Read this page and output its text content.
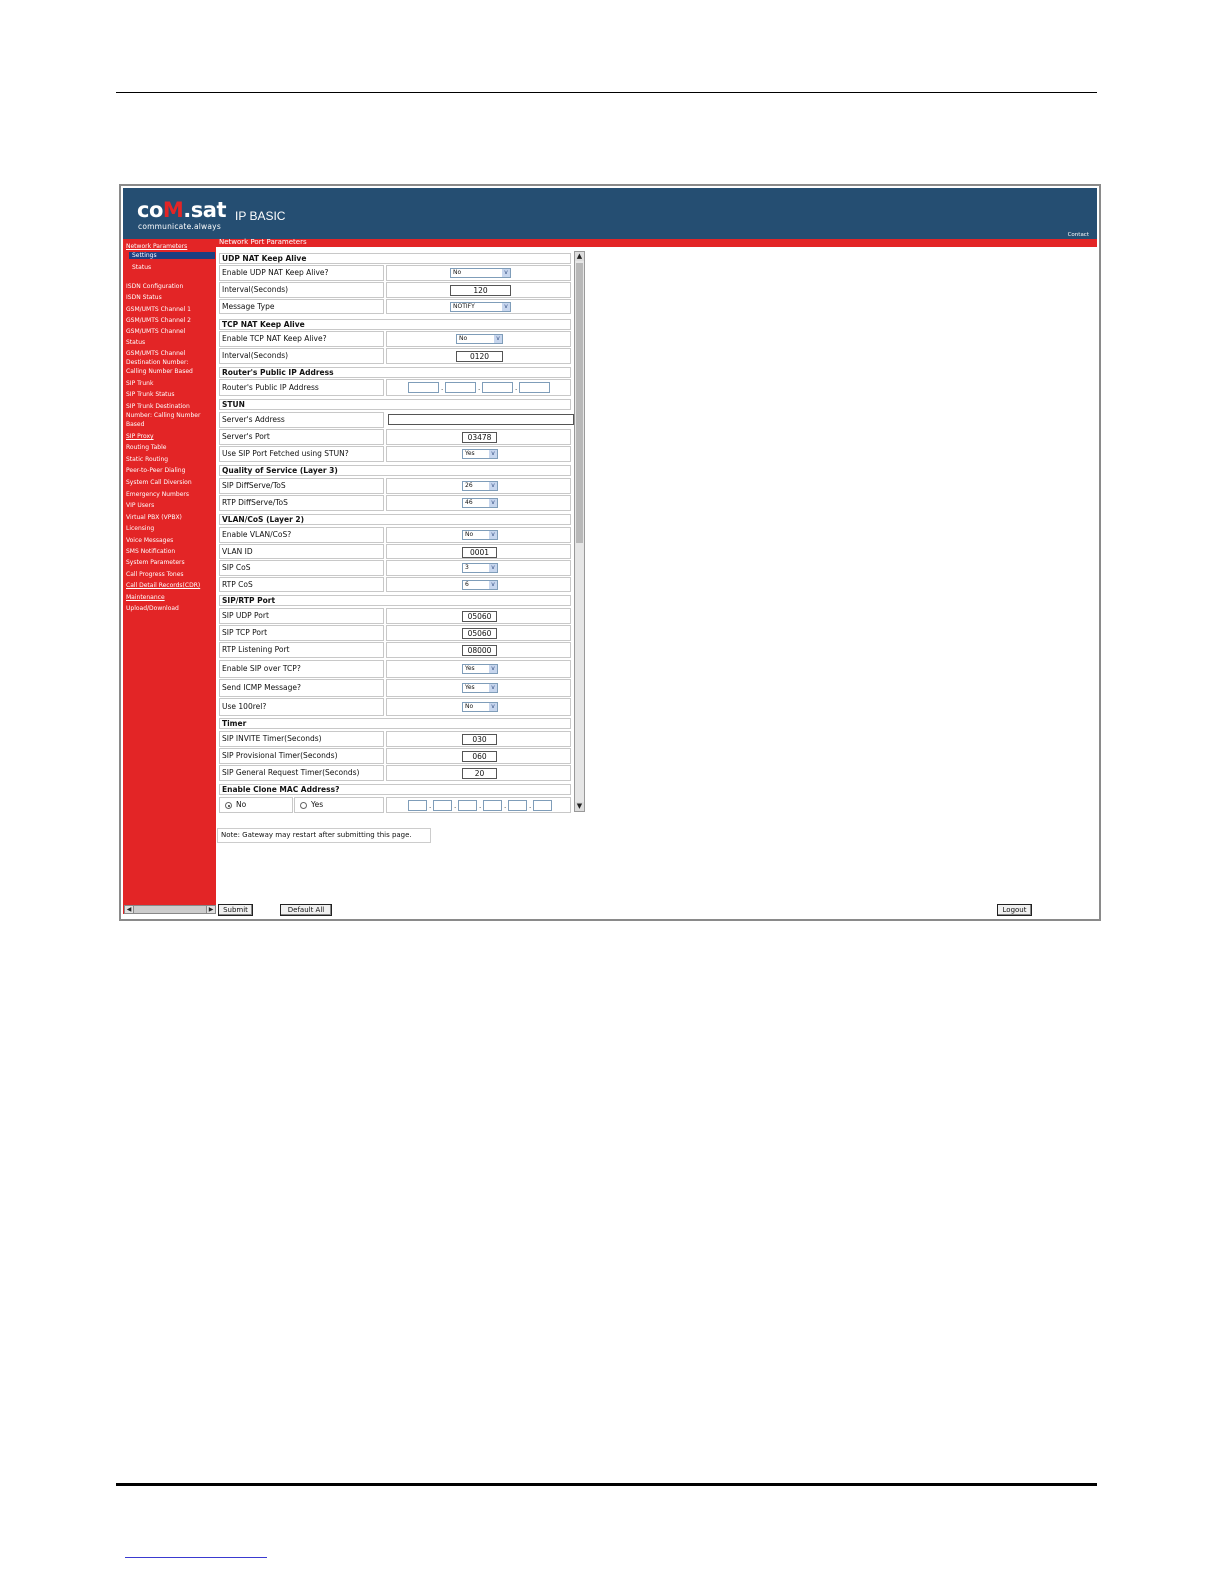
coM.sat
communicate.always
IP BASIC
Contact
Network Port Parameters
Network Parameters
Settings
Status
ISDN Configuration
ISDN Status
GSM/UMTS Channel 1
GSM/UMTS Channel 2
GSM/UMTS Channel
Status
GSM/UMTS Channel
Destination Number:
Calling Number Based
SIP Trunk
SIP Trunk Status
SIP Trunk Destination
Number: Calling Number
Based
SIP Proxy
Routing Table
Static Routing
Peer-to-Peer Dialing
System Call Diversion
Emergency Numbers
VIP Users
Virtual PBX (VPBX)
Licensing
Voice Messages
SMS Notification
System Parameters
Call Progress Tones
Call Detail Records(CDR)
Maintenance
Upload/Download
◀	▶
UDP NAT Keep Alive
Enable UDP NAT Keep Alive?	No	v
Interval(Seconds)	120
Message Type	NOTIFY	v
TCP NAT Keep Alive
Enable TCP NAT Keep Alive?	No	v
Interval(Seconds)	0120
Router's Public IP Address
Router's Public IP Address	.	.	.
STUN
Server's Address
Server's Port	03478
Use SIP Port Fetched using STUN?	Yes	v
Quality of Service (Layer 3)
SIP DiffServe/ToS	26	v
RTP DiffServe/ToS	46	v
VLAN/CoS (Layer 2)
Enable VLAN/CoS?	No	v
VLAN ID	0001
SIP CoS	3	v
RTP CoS	6	v
SIP/RTP Port
SIP UDP Port	05060
SIP TCP Port	05060
RTP Listening Port	08000
Enable SIP over TCP?	Yes	v
Send ICMP Message?	Yes	v
Use 100rel?	No	v
Timer
SIP INVITE Timer(Seconds)	030
SIP Provisional Timer(Seconds)	060
SIP General Request Timer(Seconds)	20
Enable Clone MAC Address?
No	Yes	.	.	.	.	.
▲
▼
Note: Gateway may restart after submitting this page.
Submit	Default All	Logout
